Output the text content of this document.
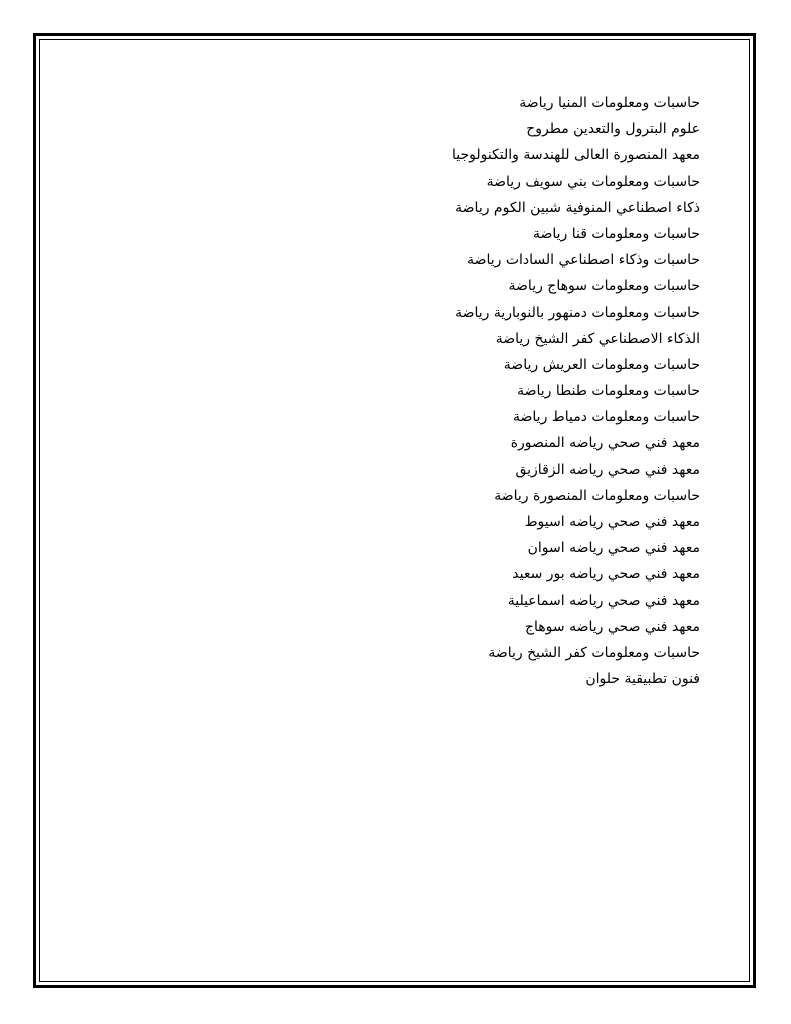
حاسبات ومعلومات المنيا رياضة
علوم البترول والتعدين مطروح
معهد المنصورة العالى للهندسة والتكنولوجيا
حاسبات ومعلومات بني سويف رياضة
ذكاء اصطناعي المنوفية شبين الكوم رياضة
حاسبات ومعلومات قنا رياضة
حاسبات وذكاء اصطناعي السادات رياضة
حاسبات ومعلومات سوهاج رياضة
حاسبات ومعلومات دمنهور بالنوبارية رياضة
الذكاء الاصطناعي كفر الشيخ رياضة
حاسبات ومعلومات العريش رياضة
حاسبات ومعلومات طنطا رياضة
حاسبات ومعلومات دمياط رياضة
معهد فني صحي رياضه المنصورة
معهد فني صحي رياضه الزقازيق
حاسبات ومعلومات المنصورة رياضة
معهد فني صحي رياضه اسيوط
معهد فني صحي رياضه اسوان
معهد فني صحي رياضه بور سعيد
معهد فني صحي رياضه اسماعيلية
معهد فني صحي رياضه سوهاج
حاسبات ومعلومات كفر الشيخ رياضة
فنون تطبيقية حلوان
